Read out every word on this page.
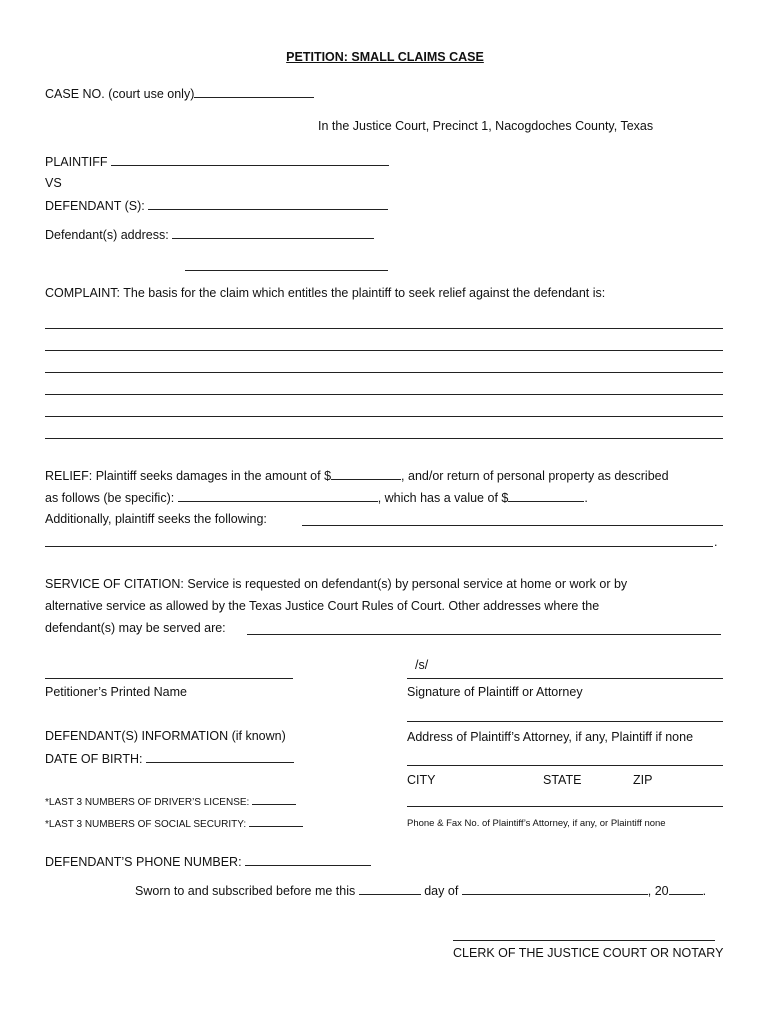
PETITION: SMALL CLAIMS CASE
CASE NO. (court use only)
In the Justice Court, Precinct 1, Nacogdoches County, Texas
PLAINTIFF
VS
DEFENDANT (S):
Defendant(s) address:
COMPLAINT: The basis for the claim which entitles the plaintiff to seek relief against the defendant is:
RELIEF: Plaintiff seeks damages in the amount of $	, and/or return of personal property as described
as follows (be specific):	, which has a value of $	.
Additionally, plaintiff seeks the following:
.
SERVICE OF CITATION: Service is requested on defendant(s) by personal service at home or work or by
alternative service as allowed by the Texas Justice Court Rules of Court. Other addresses where the
defendant(s) may be served are:
/s/
Petitioner’s Printed Name	Signature of Plaintiff or Attorney
DEFENDANT(S) INFORMATION (if known)	Address of Plaintiff’s Attorney, if any, Plaintiff if none
DATE OF BIRTH:
CITY	STATE	ZIP
*LAST 3 NUMBERS OF DRIVER’S LICENSE:
*LAST 3 NUMBERS OF SOCIAL SECURITY:	Phone & Fax No. of Plaintiff’s Attorney, if any, or Plaintiff none
DEFENDANT’S PHONE NUMBER:
Sworn to and subscribed before me this	day of	, 20	.
CLERK OF THE JUSTICE COURT OR NOTARY
